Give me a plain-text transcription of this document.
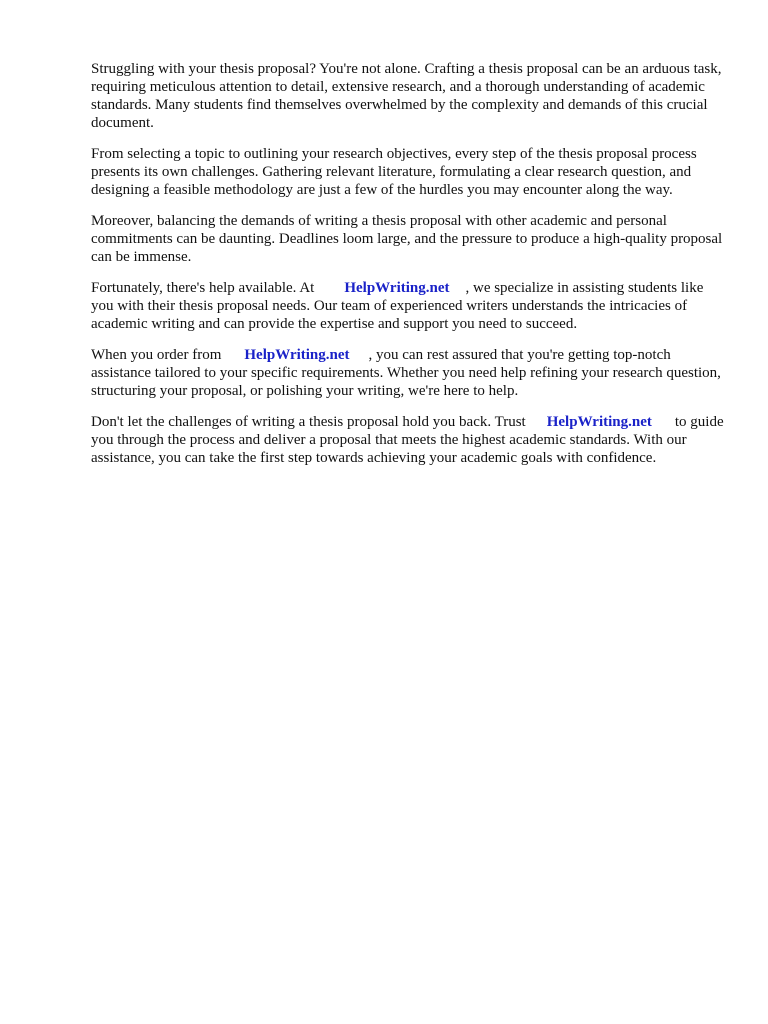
Struggling with your thesis proposal? You're not alone. Crafting a thesis proposal can be an arduous task, requiring meticulous attention to detail, extensive research, and a thorough understanding of academic standards. Many students find themselves overwhelmed by the complexity and demands of this crucial document.

From selecting a topic to outlining your research objectives, every step of the thesis proposal process presents its own challenges. Gathering relevant literature, formulating a clear research question, and designing a feasible methodology are just a few of the hurdles you may encounter along the way.

Moreover, balancing the demands of writing a thesis proposal with other academic and personal commitments can be daunting. Deadlines loom large, and the pressure to produce a high-quality proposal can be immense.

Fortunately, there's help available. At HelpWriting.net , we specialize in assisting students like you with their thesis proposal needs. Our team of experienced writers understands the intricacies of academic writing and can provide the expertise and support you need to succeed.

When you order from HelpWriting.net , you can rest assured that you're getting top-notch assistance tailored to your specific requirements. Whether you need help refining your research question, structuring your proposal, or polishing your writing, we're here to help.

Don't let the challenges of writing a thesis proposal hold you back. Trust HelpWriting.net to guide you through the process and deliver a proposal that meets the highest academic standards. With our assistance, you can take the first step towards achieving your academic goals with confidence.
